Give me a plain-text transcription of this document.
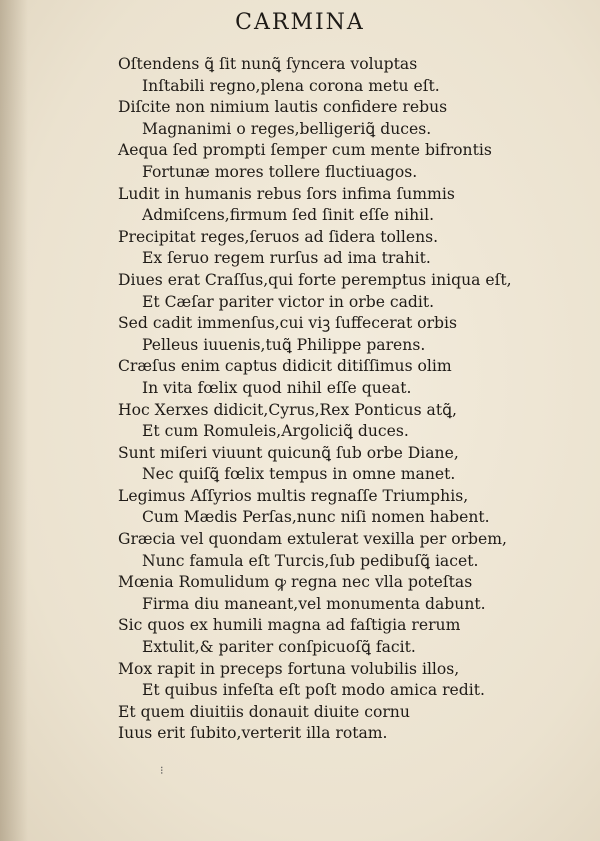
CARMINA
Oſtendens ꝗ̃ ſit nunꝗ̃ ſyncera voluptas
Inſtabili regno,plena corona metu eſt.
Diſcite non nimium lautis confidere rebus
Magnanimi o reges,belligeriꝗ̃ duces.
Aequa ſed prompti ſemper cum mente bifrontis
Fortunæ mores tollere fluctiuagos.
Ludit in humanis rebus ſors infima ſummis
Admiſcens,firmum ſed ſinit eſſe nihil.
Precipitat reges,ſeruos ad ſidera tollens.
Ex ſeruo regem rurſus ad ima trahit.
Diues erat Craſſus,qui forte peremptus iniqua eſt,
Et Cæſar pariter victor in orbe cadit.
Sed cadit immenſus,cui viꝫ ſuffecerat orbis
Pelleus iuuenis,tuꝗ̃ Philippe parens.
Cræſus enim captus didicit ditiſſimus olim
In vita fœlix quod nihil eſſe queat.
Hoc Xerxes didicit,Cyrus,Rex Ponticus atꝗ̃,
Et cum Romuleis,Argoliciꝗ̃ duces.
Sunt miſeri viuunt quicunꝗ̃ ſub orbe Diane,
Nec quiſꝗ̃ fœlix tempus in omne manet.
Legimus Aſſyrios multis regnaſſe Triumphis,
Cum Mædis Perſas,nunc niſi nomen habent.
Græcia vel quondam extulerat vexilla per orbem,
Nunc famula eſt Turcis,ſub pedibuſꝗ̃ iacet.
Mœnia Romulidum ꝙ regna nec vlla poteſtas
Firma diu maneant,vel monumenta dabunt.
Sic quos ex humili magna ad faſtigia rerum
Extulit,& pariter conſpicuoſꝗ̃ facit.
Mox rapit in preceps fortuna volubilis illos,
Et quibus infeſta eſt poſt modo amica redit.
Et quem diuitiis donauit diuite cornu
Iuus erit ſubito,verterit illa rotam.
⁝
